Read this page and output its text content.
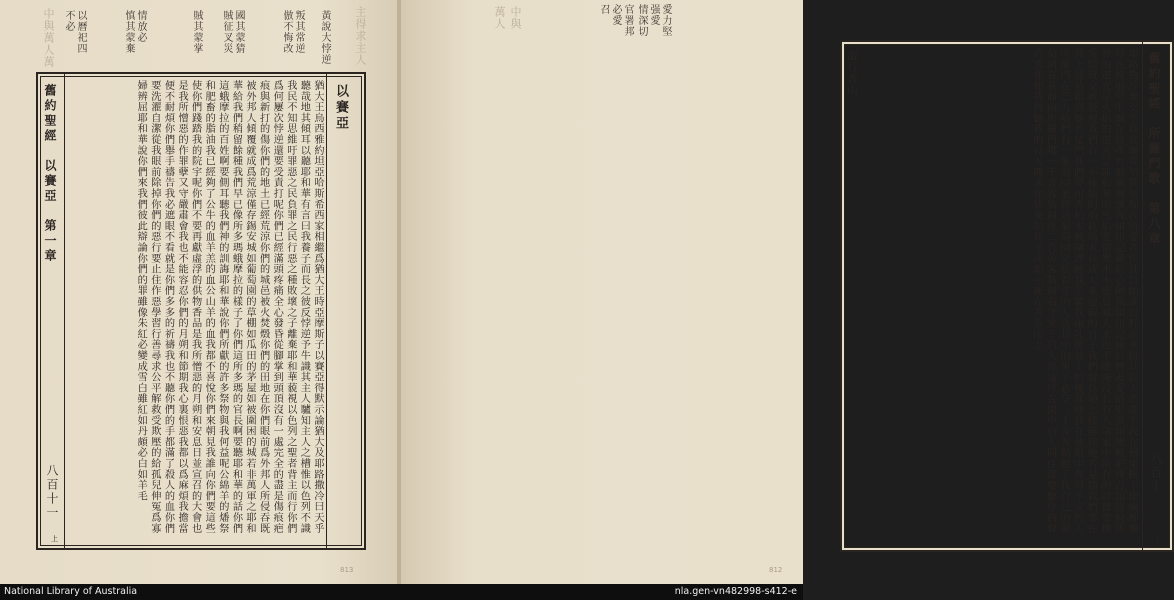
中與萬人萬	主得求主人
黃說大悖逆
叛其常逆
倣不悔改
國其蒙猜
賊征叉災
賊其蒙掌
情放必
慎其蒙棄
以曆祀四
不必
以賽亞
猶大王烏西雅約坦亞哈斯希西家相繼爲猶大王時亞摩斯子以賽亞得默示論猶大及耶路撒冷曰天乎聽哉地其傾耳以聽耶和華有言曰我養子而長之彼反悖逆予牛識其主人驢知主人之槽惟以色列不識我民不知思維吁罪惡之民負罪之民行惡之種敗壞之子離棄耶和華藐視以色列之聖者背主而行你們爲何屢次悖逆還要受責打呢你們已經滿頭疼痛全心發昏從腳掌到頭頂沒有一處完全的盡是傷痕疤痕與新打的傷你們的地土已經荒涼你們的城邑被火焚燬你們的田地在你們眼前爲外邦人所侵吞既被外邦人傾覆就成爲荒涼僅存錫安城如葡萄園的草棚如瓜田的茅屋如被圍困的城若非萬軍之耶和華給我們稍留餘種我們早已像所多瑪蛾摩拉的樣子了你們這所多瑪的官長啊要聽耶和華的話你們這蛾摩拉的百姓啊要側耳聽我們神的訓誨耶和華說你們所獻的許多祭物與我何益呢公綿羊的燔祭和肥畜的脂油我已經夠了公牛的血羊羔的血公山羊的血我都不喜悅你們來朝見我誰向你們要這些使你們踐踏我的院宇呢你們不要再獻虛浮的供物香品是我所憎惡的月朔和安息日並宣召的大會也是我所憎惡的作罪孽又守嚴肅會我也不能容忍你們的月朔和節期我心裏恨惡我都以爲麻煩我擔當便不耐煩你們舉手禱告我必遮眼不看就是你們多多的祈禱我也不聽你們的手都滿了殺人的血你們要洗濯自潔從我眼前除掉你們的惡行要止住作惡學習行善尋求公平解救受欺壓的給孤兒伸冤爲寡婦辨屈耶和華說你們來我們彼此辯論你們的罪雖像朱紅必變成雪白雖紅如丹頗必白如羊毛
舊約聖經　以賽亞　第一章
八百十一
上
813
中與萬人	愛力堅强愛
情深切
官署邦必愛
召
舊約聖經　所羅門歌　第八章
八百十
上
耶路撒冷衆女乎我欲爾誓勿驚勿醒我所愛者俟其自願誰自野而來倚其良人者誰乎我在蘋果樹下使爾醒爾母在彼劬勞生爾在彼產育爾願爾懷我如印記藏於心佩我如印記施於臂蓋愛情堅強如死嫉妒殘忍如陰府所發的電光是火焰的電光是耶和華的烈焰愛情衆水不能息滅大水也不能淹沒若有人拿家中所有的財寶要換愛情就全被藐視我們有一小妹她的兩乳尚未長成人來提親的日子我們當爲她怎樣辦理她若是牆我們要在其上建造銀塔她若是門我們要用香柏木板圍護她我是牆我兩乳像其上的樓那時我在他眼中像得平安的人所羅門在巴力哈們有一葡萄園他將這葡萄園交給看守的人爲其中的果子必交一千舍客勒銀子我自己的葡萄園在我面前所羅門哪一千舍客勒歸你二百舍客勒歸看守果子的人你這住在園中的人同伴都要聽你的聲音求你使我得聽我的良人哪求你快來如羚羊或如小鹿在香草山上
游行香山
812
National Library of Australia	nla.gen-vn482998-s412-e
